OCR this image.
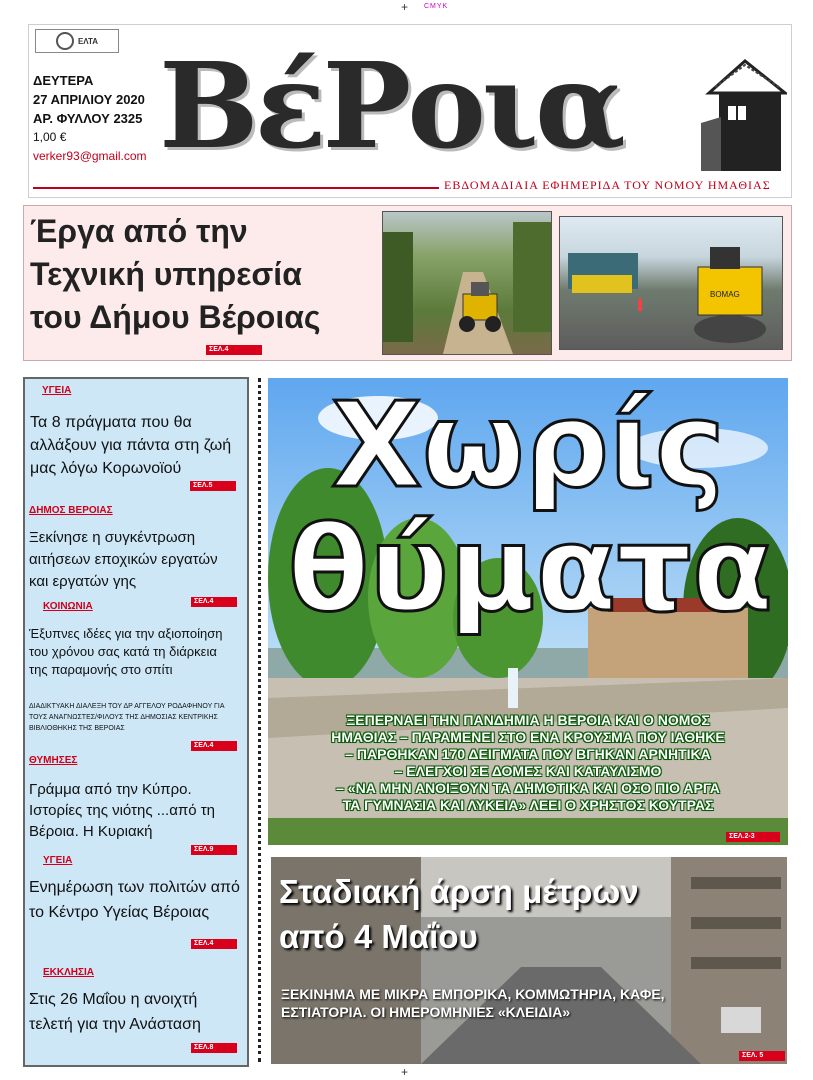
+ CMYK
+
ΕΛΤΑ
ΔΕΥΤΕΡΑ
27 ΑΠΡΙΛΙΟΥ 2020
ΑΡ. ΦΥΛΛΟΥ 2325
1,00 €
verker93@gmail.com ΒέΡοια
ΕΒΔΟΜΑΔΙΑΙΑ ΕΦΗΜΕΡΙΔΑ ΤΟΥ ΝΟΜΟΥ ΗΜΑΘΙΑΣ
Έργα από την
Τεχνική υπηρεσία
του Δήμου Βέροιας
ΣΕΛ.4
BOMAG
ΥΓΕΙΑ
Τα 8 πράγματα που θα αλλάξουν για πάντα στη ζωή μας λόγω Κορωνοϊού
ΣΕΛ.5
ΔΗΜΟΣ ΒΕΡΟΙΑΣ
Ξεκίνησε η συγκέντρωση αιτήσεων εποχικών εργατών και εργατών γης
ΣΕΛ.4
ΚΟΙΝΩΝΙΑ
Έξυπνες ιδέες για την αξιοποίηση του χρόνου σας κατά τη διάρκεια της παραμονής στο σπίτι
ΔΙΑΔΙΚΤΥΑΚΗ ΔΙΑΛΕΞΗ ΤΟΥ ΔΡ ΑΓΓΕΛΟΥ ΡΟΔΑΦΗΝΟΥ ΓΙΑ ΤΟΥΣ ΑΝΑΓΝΩΣΤΕΣ/ΦΙΛΟΥΣ ΤΗΣ ΔΗΜΟΣΙΑΣ ΚΕΝΤΡΙΚΗΣ ΒΙΒΛΙΟΘΗΚΗΣ ΤΗΣ ΒΕΡΟΙΑΣ
ΣΕΛ.4
ΘΥΜΗΣΕΣ
Γράμμα από την Κύπρο. Ιστορίες της νιότης ...από τη Βέροια. Η Κυριακή
ΣΕΛ.9
ΥΓΕΙΑ
Ενημέρωση των πολιτών από το Κέντρο Υγείας Βέροιας
ΣΕΛ.4
ΕΚΚΛΗΣΙΑ
Στις 26 Μαΐου η ανοιχτή τελετή για την Ανάσταση
ΣΕΛ.8
Χωρίς
θύματα
ΞΕΠΕΡΝΑΕΙ ΤΗΝ ΠΑΝΔΗΜΙΑ Η ΒΕΡΟΙΑ ΚΑΙ Ο ΝΟΜΟΣ
ΗΜΑΘΙΑΣ – ΠΑΡΑΜΕΝΕΙ ΣΤΟ ΕΝΑ ΚΡΟΥΣΜΑ ΠΟΥ ΙΑΘΗΚΕ
– ΠΑΡΘΗΚΑΝ 170 ΔΕΙΓΜΑΤΑ ΠΟΥ ΒΓΗΚΑΝ ΑΡΝΗΤΙΚΑ
– ΕΛΕΓΧΟΙ ΣΕ ΔΟΜΕΣ ΚΑΙ ΚΑΤΑΥΛΙΣΜΟ
– «ΝΑ ΜΗΝ ΑΝΟΙΞΟΥΝ ΤΑ ΔΗΜΟΤΙΚΑ ΚΑΙ ΟΣΟ ΠΙΟ ΑΡΓΑ
ΤΑ ΓΥΜΝΑΣΙΑ ΚΑΙ ΛΥΚΕΙΑ» ΛΕΕΙ Ο ΧΡΗΣΤΟΣ ΚΟΥΤΡΑΣ
ΣΕΛ.2-3
Σταδιακή άρση μέτρων
από 4 Μαΐου
ΞΕΚΙΝΗΜΑ ΜΕ ΜΙΚΡΑ ΕΜΠΟΡΙΚΑ, ΚΟΜΜΩΤΗΡΙΑ, ΚΑΦΕ,
ΕΣΤΙΑΤΟΡΙΑ. ΟΙ ΗΜΕΡΟΜΗΝΙΕΣ «ΚΛΕΙΔΙΑ»
ΣΕΛ. 5
